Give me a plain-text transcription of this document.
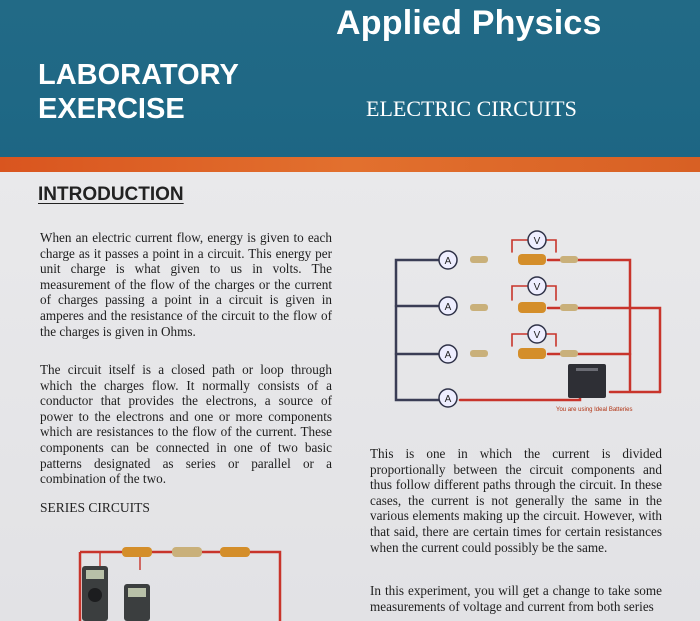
Applied Physics
LABORATORY
EXERCISE	ELECTRIC CIRCUITS
INTRODUCTION

When an electric current flow, energy is given to each charge as it passes a point in a circuit. This energy per unit charge is what given to us in volts. The measurement of the flow of the charges or the current of charges passing a point in a circuit is given in amperes and the resistance of the circuit to the flow of the charges is given in Ohms.

The circuit itself is a closed path or loop through which the charges flow. It normally consists of a conductor that provides the electrons, a source of power to the electrons and one or more components which are resistances to the flow of the current. These components can be connected in one of two basic patterns designated as series or parallel or a combination of the two.

SERIES CIRCUITS

This is one in which the current is divided proportionally between the circuit components and thus follow different paths through the circuit. In these cases, the current is not generally the same in the various elements making up the circuit. However, with that said, there are certain times for certain resistances when the current could possibly be the same.

In this experiment, you will get a change to take some measurements of voltage and current from both series

A
A
A
A
V
V
V
You are using Ideal Batteries
